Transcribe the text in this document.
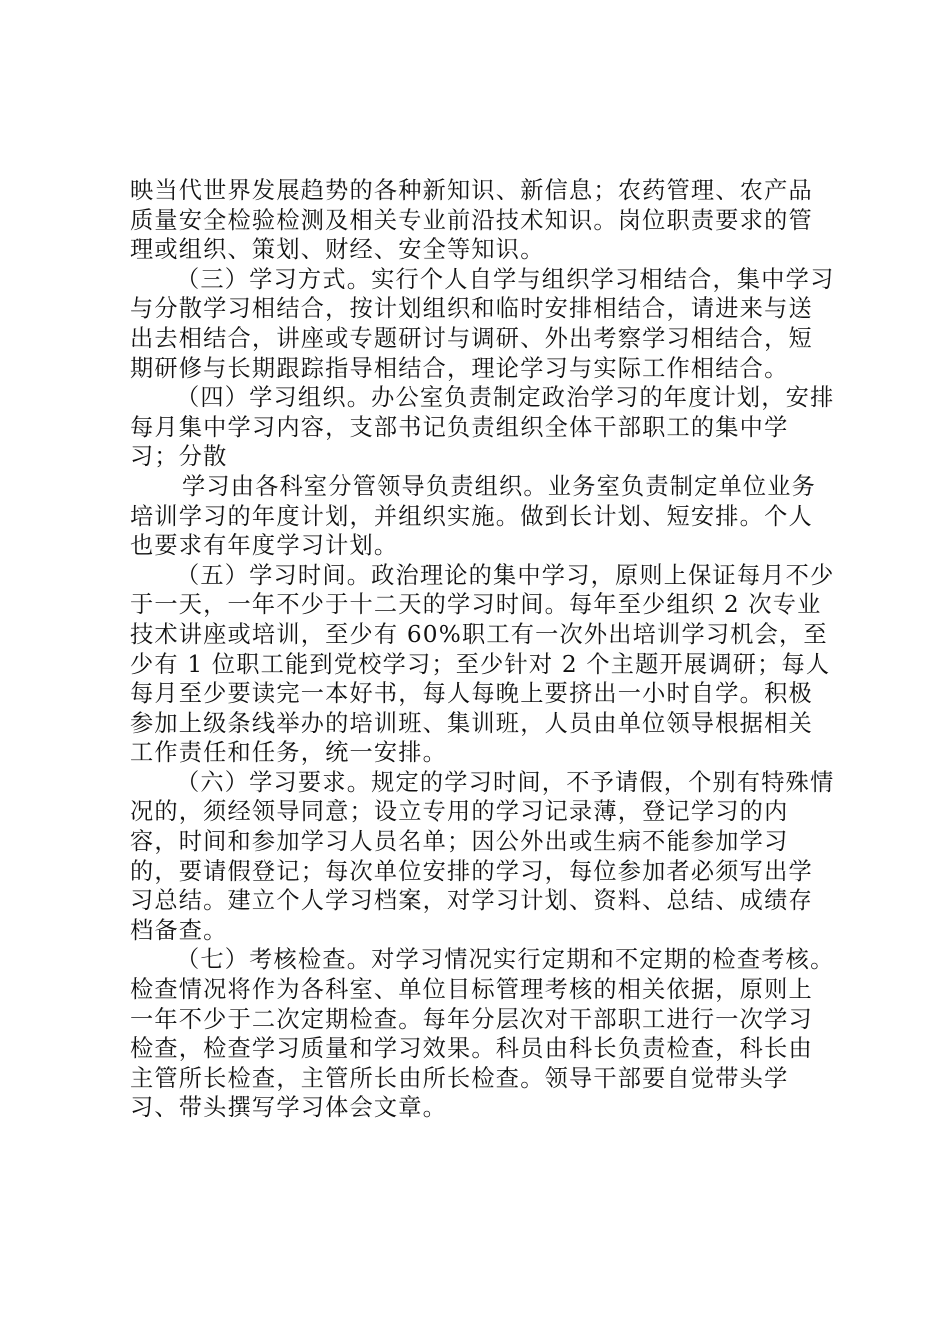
映当代世界发展趋势的各种新知识、新信息；农药管理、农产品质量安全检验检测及相关专业前沿技术知识。岗位职责要求的管理或组织、策划、财经、安全等知识。

（三）学习方式。实行个人自学与组织学习相结合，集中学习与分散学习相结合，按计划组织和临时安排相结合，请进来与送出去相结合，讲座或专题研讨与调研、外出考察学习相结合，短期研修与长期跟踪指导相结合，理论学习与实际工作相结合。

（四）学习组织。办公室负责制定政治学习的年度计划，安排每月集中学习内容，支部书记负责组织全体干部职工的集中学习；分散

学习由各科室分管领导负责组织。业务室负责制定单位业务培训学习的年度计划，并组织实施。做到长计划、短安排。个人也要求有年度学习计划。

（五）学习时间。政治理论的集中学习，原则上保证每月不少于一天，一年不少于十二天的学习时间。每年至少组织 2 次专业技术讲座或培训，至少有 60%职工有一次外出培训学习机会，至少有 1 位职工能到党校学习；至少针对 2 个主题开展调研；每人每月至少要读完一本好书，每人每晚上要挤出一小时自学。积极参加上级条线举办的培训班、集训班，人员由单位领导根据相关工作责任和任务，统一安排。

（六）学习要求。规定的学习时间，不予请假，个别有特殊情况的，须经领导同意；设立专用的学习记录薄，登记学习的内容，时间和参加学习人员名单；因公外出或生病不能参加学习的，要请假登记；每次单位安排的学习，每位参加者必须写出学习总结。建立个人学习档案，对学习计划、资料、总结、成绩存档备查。

（七）考核检查。对学习情况实行定期和不定期的检查考核。检查情况将作为各科室、单位目标管理考核的相关依据，原则上一年不少于二次定期检查。每年分层次对干部职工进行一次学习检查，检查学习质量和学习效果。科员由科长负责检查，科长由主管所长检查，主管所长由所长检查。领导干部要自觉带头学习、带头撰写学习体会文章。
